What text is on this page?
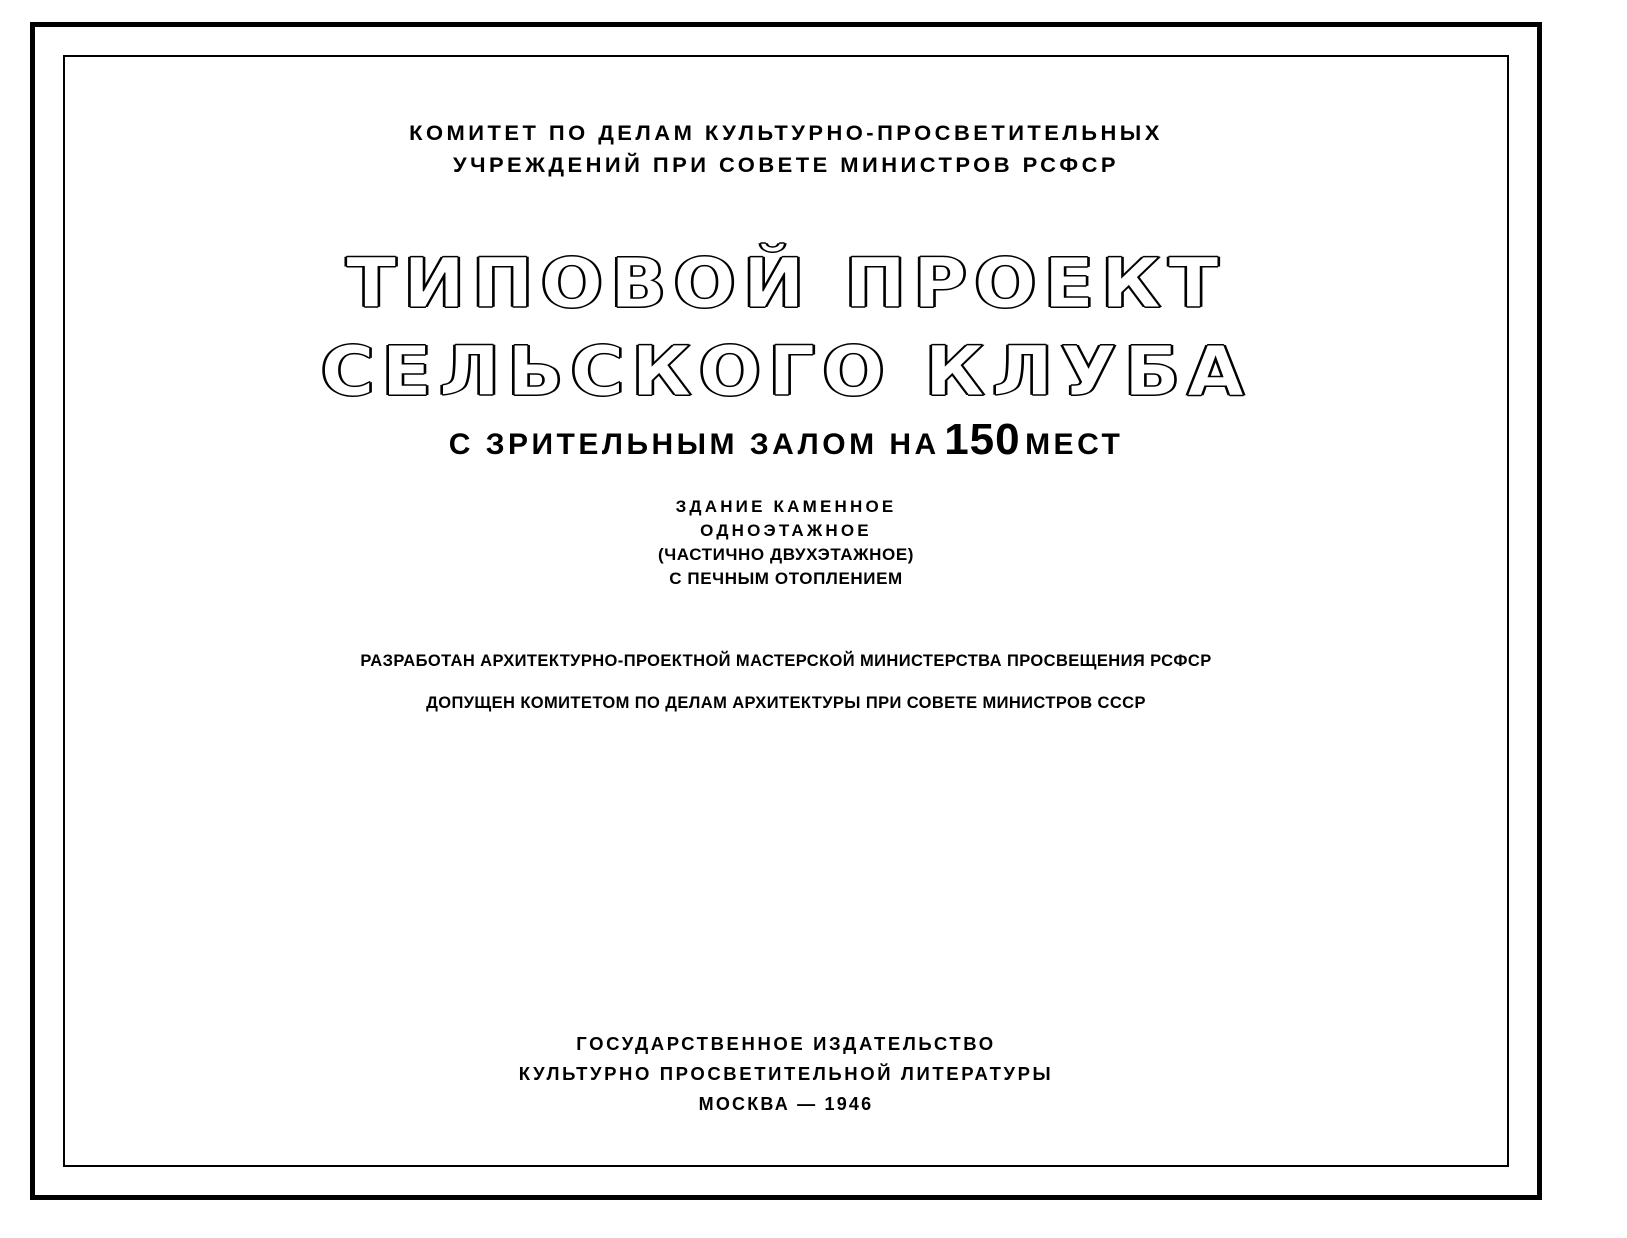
КОМИТЕТ ПО ДЕЛАМ КУЛЬТУРНО-ПРОСВЕТИТЕЛЬНЫХ
УЧРЕЖДЕНИЙ ПРИ СОВЕТЕ МИНИСТРОВ РСФСР
ТИПОВОЙ ПРОЕКТ
СЕЛЬСКОГО КЛУБА
С ЗРИТЕЛЬНЫМ ЗАЛОМ НА 150 МЕСТ
ЗДАНИЕ КАМЕННОЕ
ОДНОЭТАЖНОЕ
(ЧАСТИЧНО ДВУХЭТАЖНОЕ)
С ПЕЧНЫМ ОТОПЛЕНИЕМ
РАЗРАБОТАН АРХИТЕКТУРНО-ПРОЕКТНОЙ МАСТЕРСКОЙ МИНИСТЕРСТВА ПРОСВЕЩЕНИЯ РСФСР
ДОПУЩЕН КОМИТЕТОМ ПО ДЕЛАМ АРХИТЕКТУРЫ ПРИ СОВЕТЕ МИНИСТРОВ СССР
ГОСУДАРСТВЕННОЕ ИЗДАТЕЛЬСТВО
КУЛЬТУРНО ПРОСВЕТИТЕЛЬНОЙ ЛИТЕРАТУРЫ
МОСКВА — 1946
